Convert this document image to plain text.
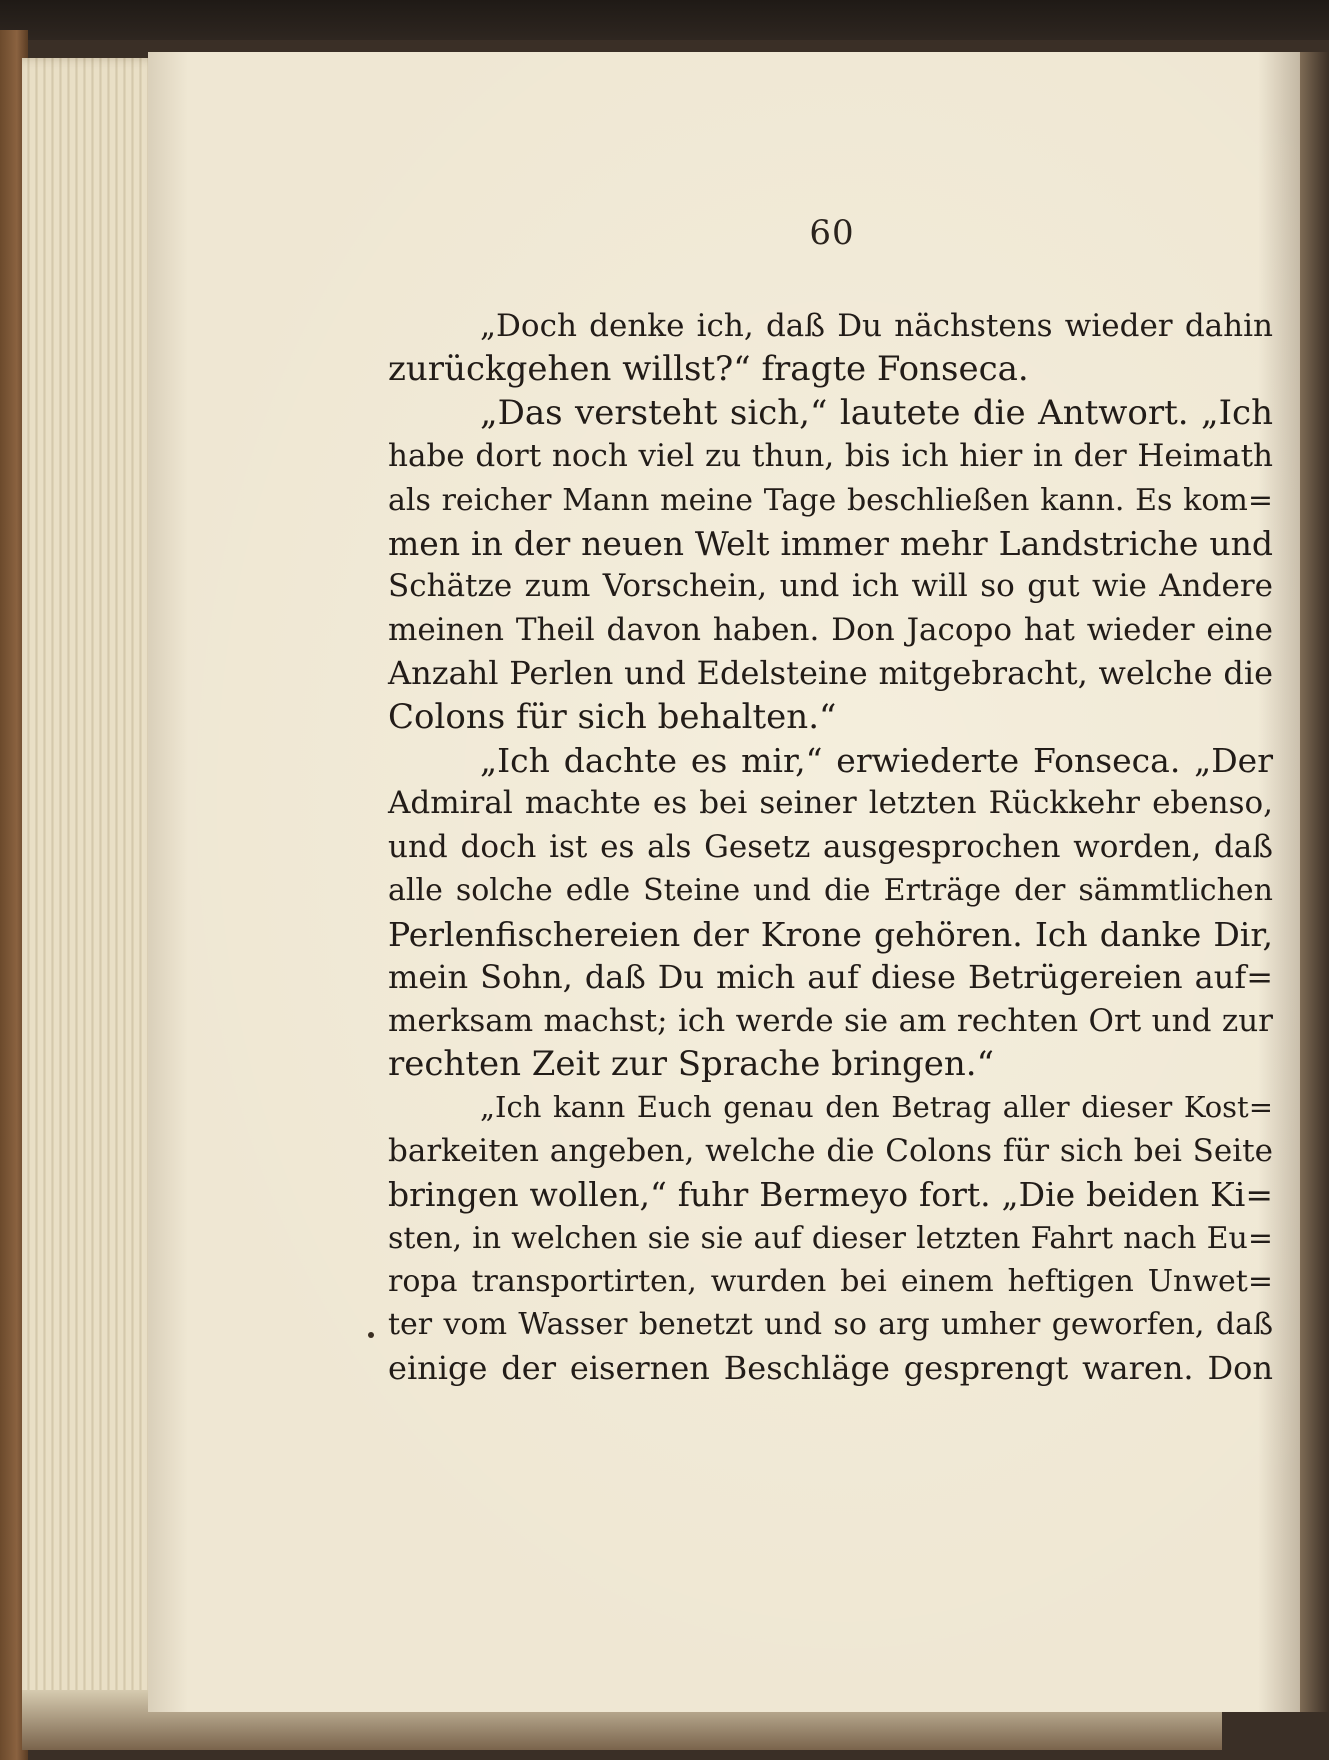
60
„Doch denke ich, daß Du nächstens wieder dahin
zurückgehen willst?“ fragte Fonseca.
„Das versteht sich,“ lautete die Antwort. „Ich
habe dort noch viel zu thun, bis ich hier in der Heimath
als reicher Mann meine Tage beschließen kann. Es kom=
men in der neuen Welt immer mehr Landstriche und
Schätze zum Vorschein, und ich will so gut wie Andere
meinen Theil davon haben. Don Jacopo hat wieder eine
Anzahl Perlen und Edelsteine mitgebracht, welche die
Colons für sich behalten.“
„Ich dachte es mir,“ erwiederte Fonseca. „Der
Admiral machte es bei seiner letzten Rückkehr ebenso,
und doch ist es als Gesetz ausgesprochen worden, daß
alle solche edle Steine und die Erträge der sämmtlichen
Perlenfischereien der Krone gehören. Ich danke Dir,
mein Sohn, daß Du mich auf diese Betrügereien auf=
merksam machst; ich werde sie am rechten Ort und zur
rechten Zeit zur Sprache bringen.“
„Ich kann Euch genau den Betrag aller dieser Kost=
barkeiten angeben, welche die Colons für sich bei Seite
bringen wollen,“ fuhr Bermeyo fort. „Die beiden Ki=
sten, in welchen sie sie auf dieser letzten Fahrt nach Eu=
ropa transportirten, wurden bei einem heftigen Unwet=
ter vom Wasser benetzt und so arg umher geworfen, daß
einige der eisernen Beschläge gesprengt waren. Don
